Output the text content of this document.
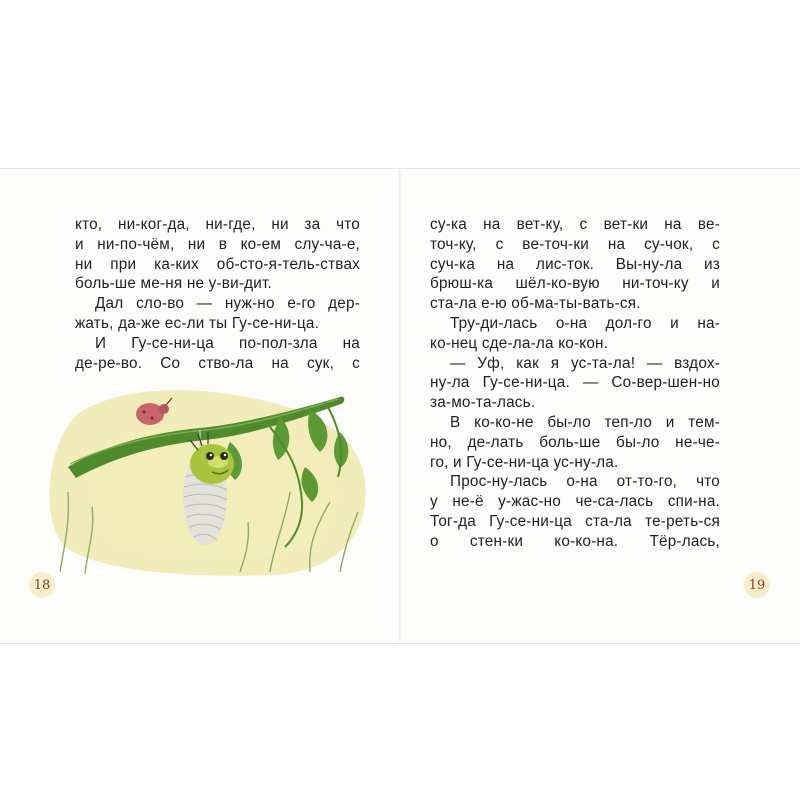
кто, ни-ког-да, ни-где, ни за что

и ни-по-чём, ни в ко-ем слу-ча-е,

ни при ка-ких об-сто-я-тель-ствах

боль-ше ме-ня не у-ви-дит.

Дал сло-во — нуж-но е-го дер-

жать, да-же ес-ли ты Гу-се-ни-ца.

И Гу-се-ни-ца по-пол-зла на

де-ре-во. Со ство-ла на сук, с

су-ка на вет-ку, с вет-ки на ве-

точ-ку, с ве-точ-ки на су-чок, с

суч-ка на лис-ток. Вы-ну-ла из

брюш-ка шёл-ко-вую ни-точ-ку и

ста-ла е-ю об-ма-ты-вать-ся.

Тру-ди-лась о-на дол-го и на-

ко-нец сде-ла-ла ко-кон.

— Уф, как я ус-та-ла! — вздох-

ну-ла Гу-се-ни-ца. — Со-вер-шен-но

за-мо-та-лась.

В ко-ко-не бы-ло теп-ло и тем-

но, де-лать боль-ше бы-ло не-че-

го, и Гу-се-ни-ца ус-ну-ла.

Прос-ну-лась о-на от-то-го, что

у не-ё у-жас-но че-са-лась спи-на.

Тог-да Гу-се-ни-ца ста-ла те-реть-ся

о стен-ки ко-ко-на. Тёр-лась,

18	19
